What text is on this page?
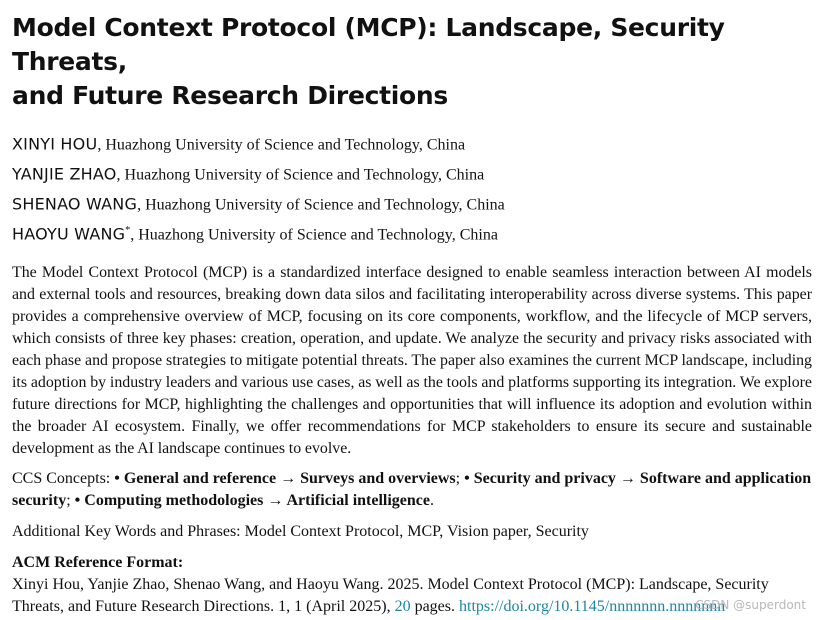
Model Context Protocol (MCP): Landscape, Security Threats,
and Future Research Directions
XINYI HOU, Huazhong University of Science and Technology, China
YANJIE ZHAO, Huazhong University of Science and Technology, China
SHENAO WANG, Huazhong University of Science and Technology, China
HAOYU WANG*, Huazhong University of Science and Technology, China
The Model Context Protocol (MCP) is a standardized interface designed to enable seamless interaction between AI models and external tools and resources, breaking down data silos and facilitating interoperability across diverse systems. This paper provides a comprehensive overview of MCP, focusing on its core components, workflow, and the lifecycle of MCP servers, which consists of three key phases: creation, operation, and update. We analyze the security and privacy risks associated with each phase and propose strategies to mitigate potential threats. The paper also examines the current MCP landscape, including its adoption by industry leaders and various use cases, as well as the tools and platforms supporting its integration. We explore future directions for MCP, highlighting the challenges and opportunities that will influence its adoption and evolution within the broader AI ecosystem. Finally, we offer recommendations for MCP stakeholders to ensure its secure and sustainable development as the AI landscape continues to evolve.
CCS Concepts: • General and reference → Surveys and overviews; • Security and privacy → Software and application security; • Computing methodologies → Artificial intelligence.
Additional Key Words and Phrases: Model Context Protocol, MCP, Vision paper, Security
ACM Reference Format:
Xinyi Hou, Yanjie Zhao, Shenao Wang, and Haoyu Wang. 2025. Model Context Protocol (MCP): Landscape, Security Threats, and Future Research Directions. 1, 1 (April 2025), 20 pages. https://doi.org/10.1145/nnnnnnn.nnnnnnn
CSDN @superdont
